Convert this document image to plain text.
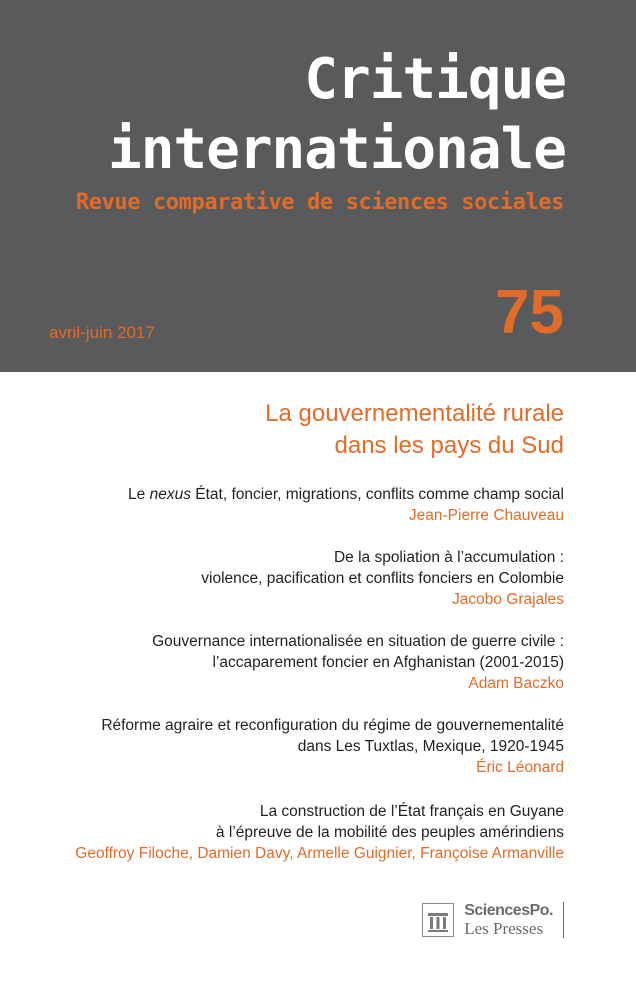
Critique
internationale
Revue comparative de sciences sociales
avril-juin 2017	75
La gouvernementalité rurale
dans les pays du Sud
Le nexus État, foncier, migrations, conflits comme champ social
Jean-Pierre Chauveau
De la spoliation à l’accumulation :
violence, pacification et conflits fonciers en Colombie
Jacobo Grajales
Gouvernance internationalisée en situation de guerre civile :
l’accaparement foncier en Afghanistan (2001-2015)
Adam Baczko
Réforme agraire et reconfiguration du régime de gouvernementalité
dans Les Tuxtlas, Mexique, 1920-1945
Éric Léonard
La construction de l’État français en Guyane
à l’épreuve de la mobilité des peuples amérindiens
Geoffroy Filoche, Damien Davy, Armelle Guignier, Françoise Armanville
SciencesPo.
Les Presses
